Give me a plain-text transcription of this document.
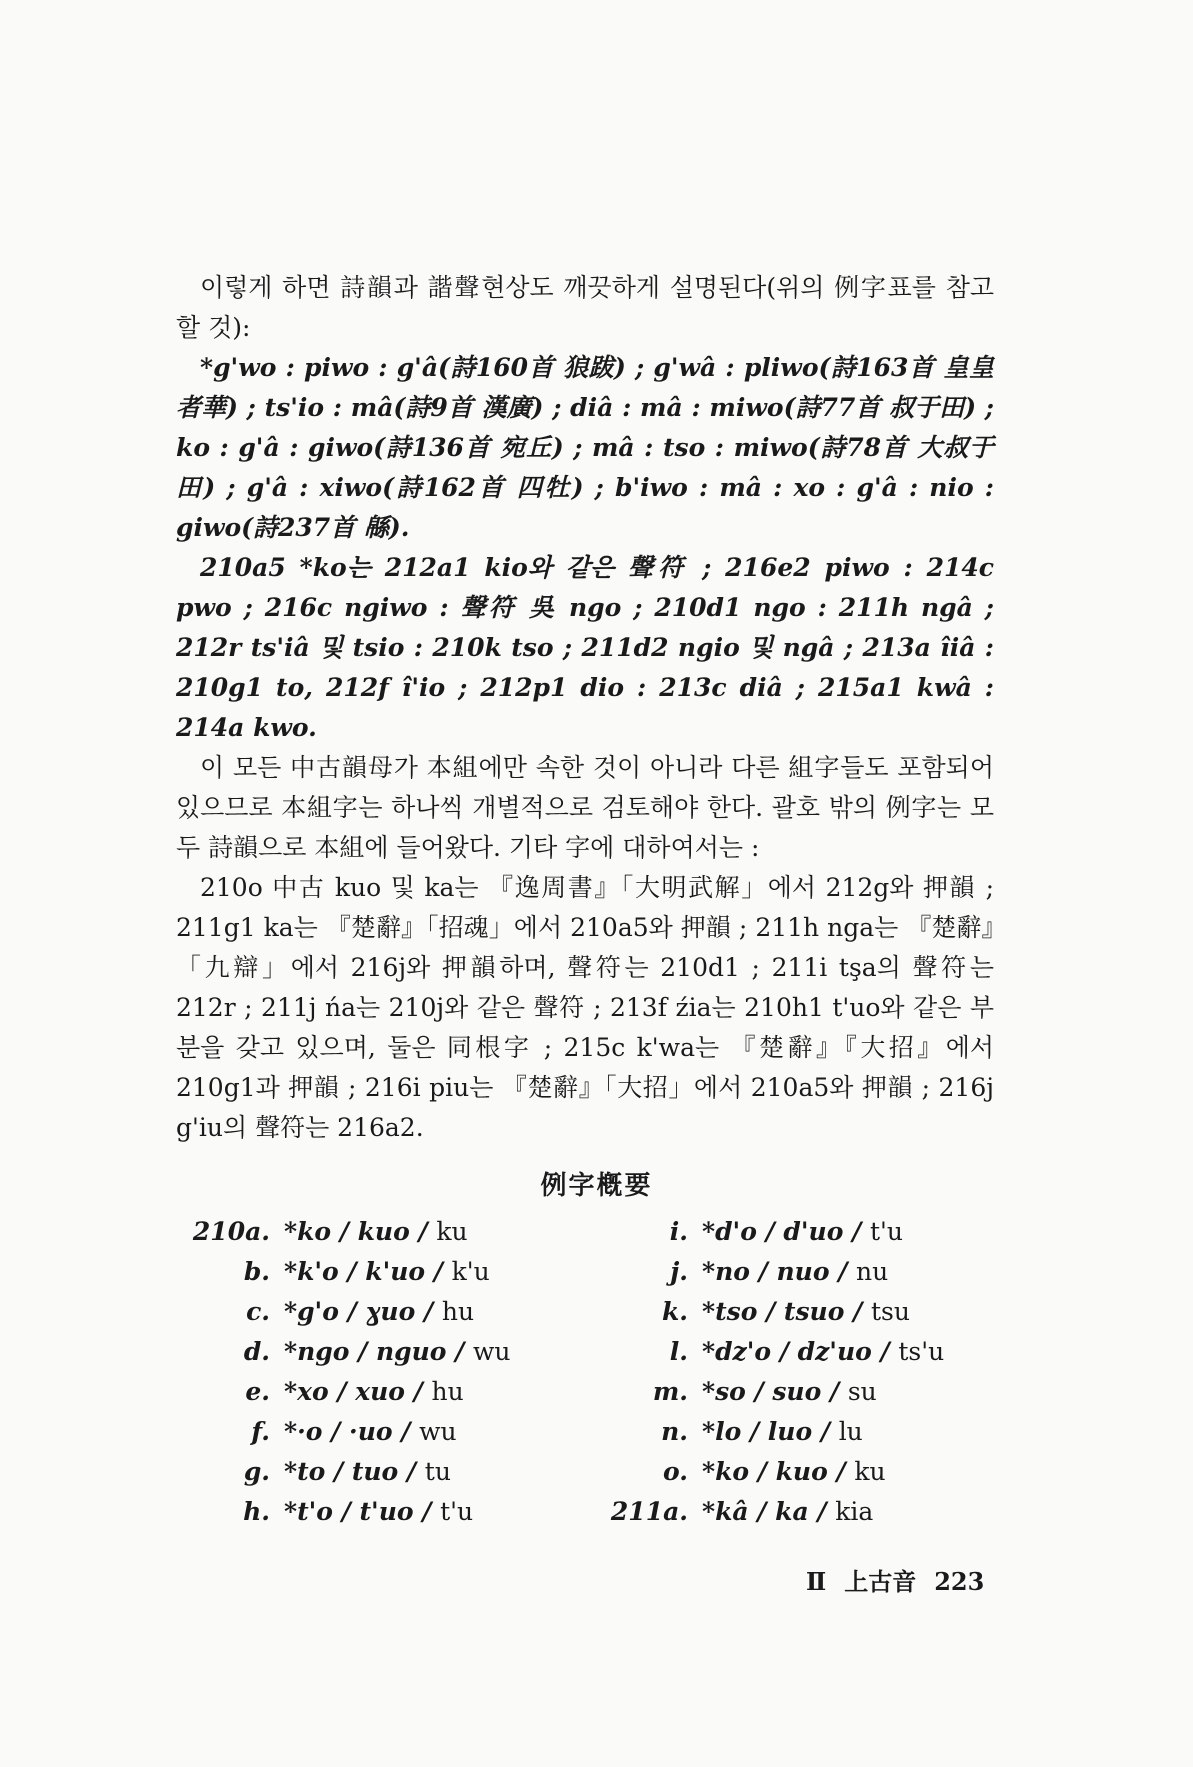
이렇게 하면 詩韻과 諧聲현상도 깨끗하게 설명된다(위의 例字표를 참고할 것):

*g'wo : piwo : g'â(詩160首 狼跋) ; g'wâ : pliwo(詩163首 皇皇者華) ; ts'io : mâ(詩9首 漢廣) ; diâ : mâ : miwo(詩77首 叔于田) ; ko : g'â : giwo(詩136首 宛丘) ; mâ : tso : miwo(詩78首 大叔于田) ; g'â : xiwo(詩162首 四牡) ; b'iwo : mâ : xo : g'â : nio : giwo(詩237首 緜).

210a5 *ko는 212a1 kio와 같은 聲符 ; 216e2 piwo : 214c pwo ; 216c ngiwo : 聲符 吳 ngo ; 210d1 ngo : 211h ngâ ; 212r ts'iâ 및 tsio : 210k tso ; 211d2 ngio 및 ngâ ; 213a îiâ : 210g1 to, 212f î'io ; 212p1 dio : 213c diâ ; 215a1 kwâ : 214a kwo.

이 모든 中古韻母가 本組에만 속한 것이 아니라 다른 組字들도 포함되어 있으므로 本組字는 하나씩 개별적으로 검토해야 한다. 괄호 밖의 例字는 모두 詩韻으로 本組에 들어왔다. 기타 字에 대하여서는 :

210o 中古 kuo 및 ka는 『逸周書』「大明武解」에서 212g와 押韻 ; 211g1 ka는 『楚辭』「招魂」에서 210a5와 押韻 ; 211h nga는 『楚辭』「九辯」에서 216j와 押韻하며, 聲符는 210d1 ; 211i tşa의 聲符는 212r ; 211j ńa는 210j와 같은 聲符 ; 213f źia는 210h1 t'uo와 같은 부분을 갖고 있으며, 둘은 同根字 ; 215c k'wa는 『楚辭』『大招』에서 210g1과 押韻 ; 216i piu는 『楚辭』「大招」에서 210a5와 押韻 ; 216j g'iu의 聲符는 216a2.

例字槪要
210a. *ko / kuo / ku
b. *k'o / k'uo / k'u
c. *g'o / ɣuo / hu
d. *ngo / nguo / wu
e. *xo / xuo / hu
f. *·o / ·uo / wu
g. *to / tuo / tu
h. *t'o / t'uo / t'u
i. *d'o / d'uo / t'u
j. *no / nuo / nu
k. *tso / tsuo / tsu
l. *dz'o / dz'uo / ts'u
m. *so / suo / su
n. *lo / luo / lu
o. *ko / kuo / ku
211a. *kâ / ka / kia
Ⅱ 上古音 223
